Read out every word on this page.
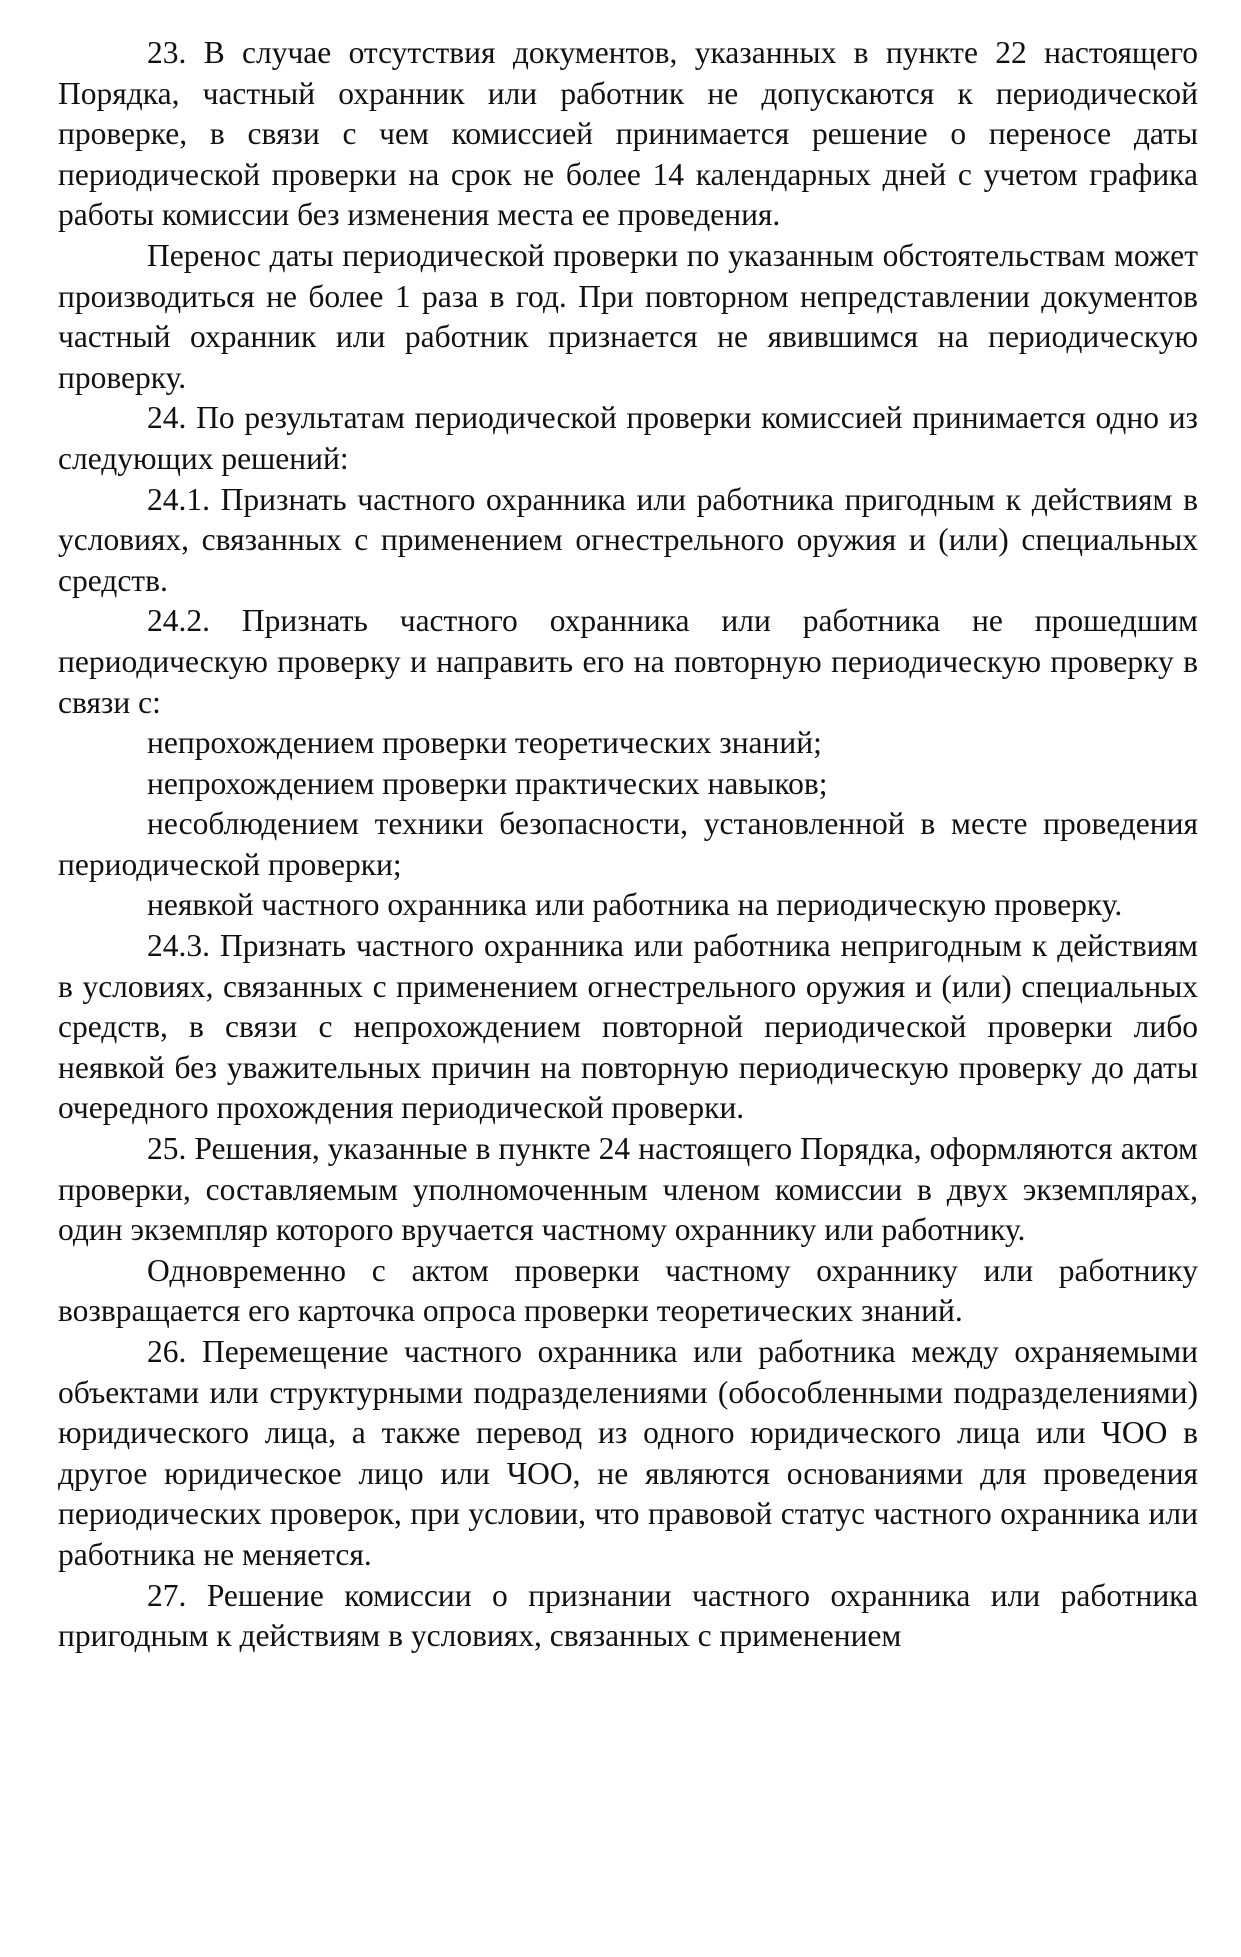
23. В случае отсутствия документов, указанных в пункте 22 настоящего Порядка, частный охранник или работник не допускаются к периодической проверке, в связи с чем комиссией принимается решение о переносе даты периодической проверки на срок не более 14 календарных дней с учетом графика работы комиссии без изменения места ее проведения.

Перенос даты периодической проверки по указанным обстоятельствам может производиться не более 1 раза в год. При повторном непредставлении документов частный охранник или работник признается не явившимся на периодическую проверку.

24. По результатам периодической проверки комиссией принимается одно из следующих решений:

24.1. Признать частного охранника или работника пригодным к действиям в условиях, связанных с применением огнестрельного оружия и (или) специальных средств.

24.2. Признать частного охранника или работника не прошедшим периодическую проверку и направить его на повторную периодическую проверку в связи с:

непрохождением проверки теоретических знаний;

непрохождением проверки практических навыков;

несоблюдением техники безопасности, установленной в месте проведения периодической проверки;

неявкой частного охранника или работника на периодическую проверку.

24.3. Признать частного охранника или работника непригодным к действиям в условиях, связанных с применением огнестрельного оружия и (или) специальных средств, в связи с непрохождением повторной периодической проверки либо неявкой без уважительных причин на повторную периодическую проверку до даты очередного прохождения периодической проверки.

25. Решения, указанные в пункте 24 настоящего Порядка, оформляются актом проверки, составляемым уполномоченным членом комиссии в двух экземплярах, один экземпляр которого вручается частному охраннику или работнику.

Одновременно с актом проверки частному охраннику или работнику возвращается его карточка опроса проверки теоретических знаний.

26. Перемещение частного охранника или работника между охраняемыми объектами или структурными подразделениями (обособленными подразделениями) юридического лица, а также перевод из одного юридического лица или ЧОО в другое юридическое лицо или ЧОО, не являются основаниями для проведения периодических проверок, при условии, что правовой статус частного охранника или работника не меняется.

27. Решение комиссии о признании частного охранника или работника пригодным к действиям в условиях, связанных с применением
